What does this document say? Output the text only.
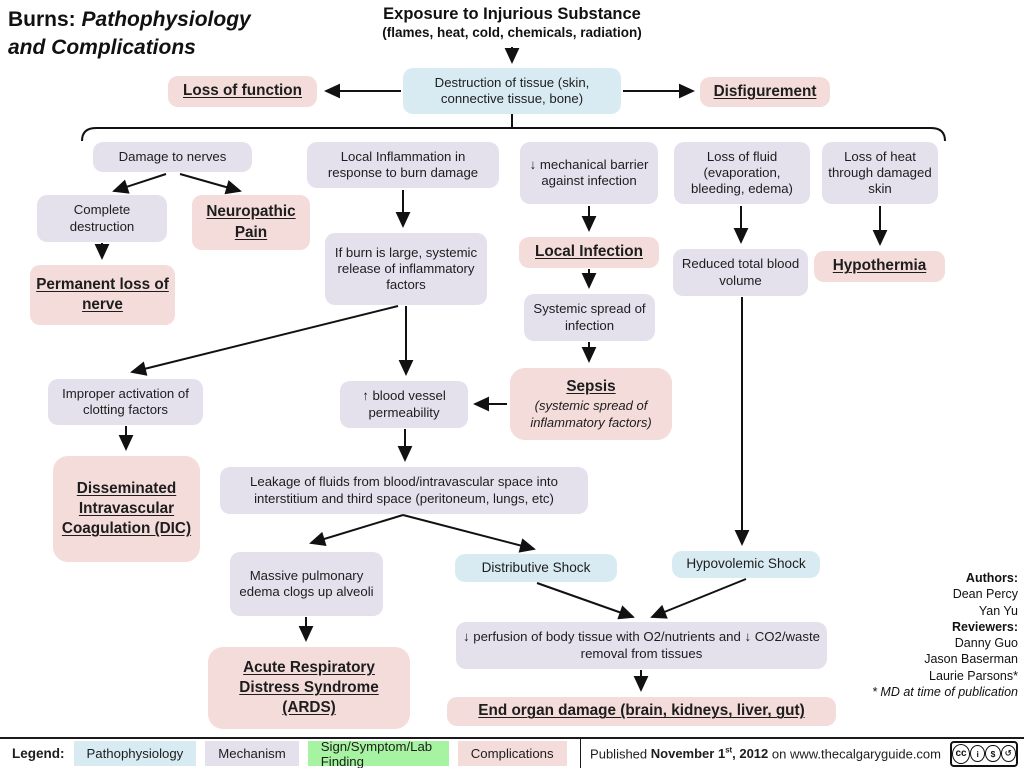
Burns: Pathophysiology
and Complications
Exposure to Injurious Substance
(flames, heat, cold, chemicals, radiation)
Destruction of tissue (skin, connective tissue, bone)
Loss of function	Disfigurement
Damage to nerves	Local Inflammation in response to burn damage
↓ mechanical barrier against infection
Loss of fluid (evaporation, bleeding, edema)
Loss of heat through damaged skin
Complete destruction
Neuropathic Pain
Permanent loss of nerve
If burn is large, systemic release of inflammatory factors
Local Infection
Systemic spread of infection
Reduced total blood volume
Hypothermia
Improper activation of clotting factors
↑ blood vessel permeability
Sepsis
(systemic spread of inflammatory factors)
Disseminated Intravascular Coagulation (DIC)
Leakage of fluids from blood/intravascular space into interstitium and third space (peritoneum, lungs, etc)
Massive pulmonary edema clogs up alveoli
Distributive Shock	Hypovolemic Shock
↓ perfusion of body tissue with O2/nutrients and ↓ CO2/waste removal from tissues
End organ damage (brain, kidneys, liver, gut)
Acute Respiratory Distress Syndrome (ARDS)
Authors:
Dean Percy
Yan Yu
Reviewers:
Danny Guo
Jason Baserman
Laurie Parsons*
* MD at time of publication
Legend:	Pathophysiology	Mechanism	Sign/Symptom/Lab Finding	Complications	Published November 1st, 2012 on www.thecalgaryguide.com	cc	i	$	↺
